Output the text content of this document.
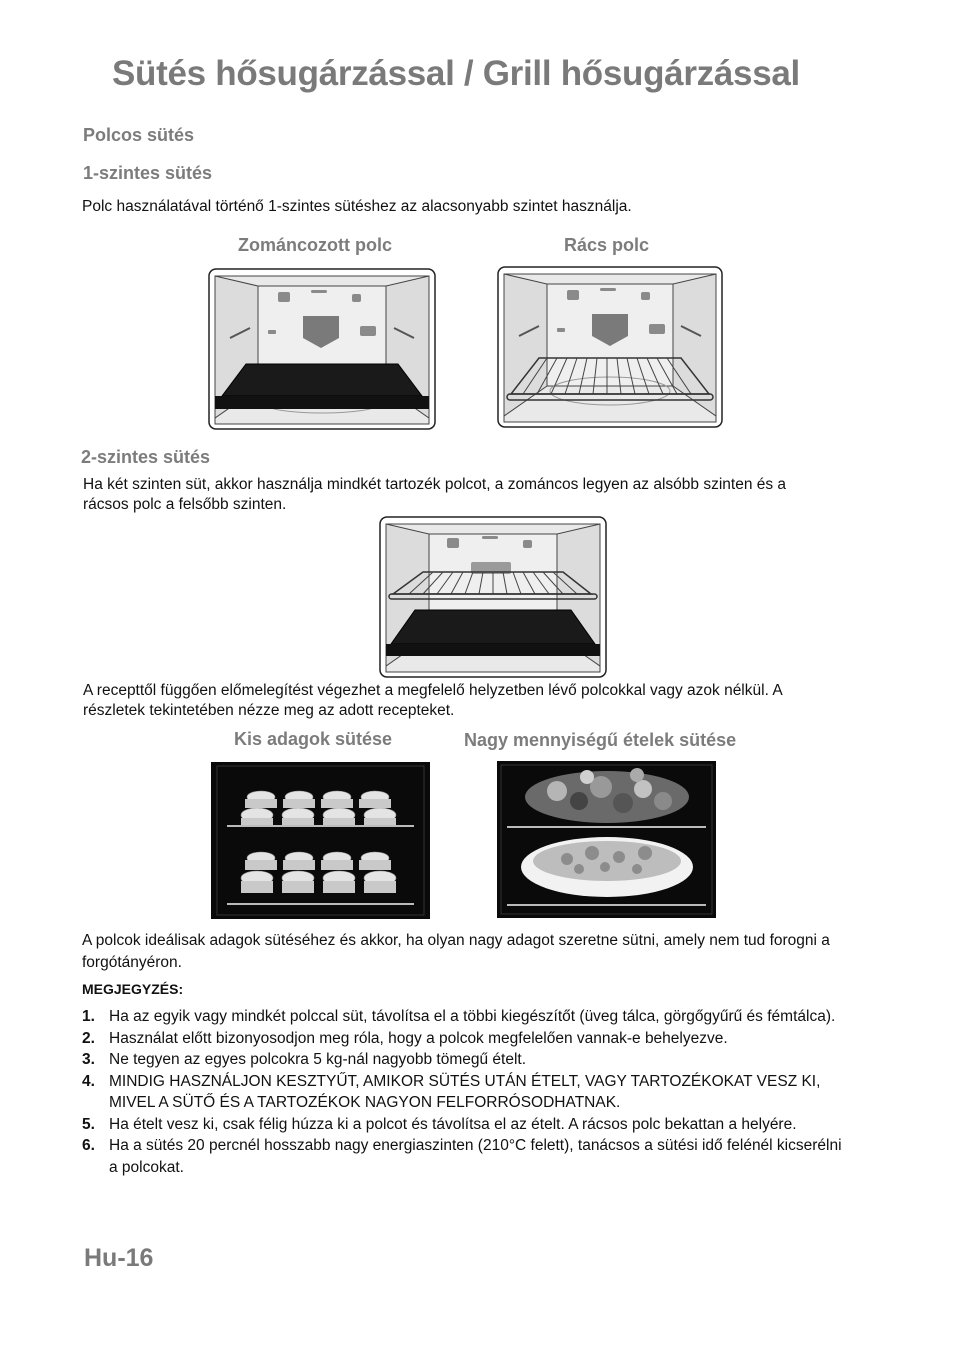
Sütés hősugárzással / Grill hősugárzással
Polcos sütés
1-szintes sütés
Polc használatával történő 1-szintes sütéshez az alacsonyabb szintet használja.
Zománcozott polc	Rács polc
2-szintes sütés
Ha két szinten süt, akkor használja mindkét tartozék polcot, a zománcos legyen az alsóbb szinten és a rácsos polc a felsőbb szinten.
A recepttől függően előmelegítést végezhet a megfelelő helyzetben lévő polcokkal vagy azok nélkül. A részletek tekintetében nézze meg az adott recepteket.
Kis adagok sütése	Nagy mennyiségű ételek sütése
A polcok ideálisak adagok sütéséhez és akkor, ha olyan nagy adagot szeretne sütni, amely nem tud forogni a forgótányéron.
MEGJEGYZÉS:
1. Ha az egyik vagy mindkét polccal süt, távolítsa el a többi kiegészítőt (üveg tálca, görgőgyűrű és fémtálca).
2. Használat előtt bizonyosodjon meg róla, hogy a polcok megfelelően vannak-e behelyezve.
3. Ne tegyen az egyes polcokra 5 kg-nál nagyobb tömegű ételt.
4. MINDIG HASZNÁLJON KESZTYŰT, AMIKOR SÜTÉS UTÁN ÉTELT, VAGY TARTOZÉKOKAT VESZ KI, MIVEL A SÜTŐ ÉS A TARTOZÉKOK NAGYON FELFORRÓSODHATNAK.
5. Ha ételt vesz ki, csak félig húzza ki a polcot és távolítsa el az ételt. A rácsos polc bekattan a helyére.
6. Ha a sütés 20 percnél hosszabb nagy energiaszinten (210°C felett), tanácsos a sütési idő felénél kicserélni a polcokat.
Hu-16
